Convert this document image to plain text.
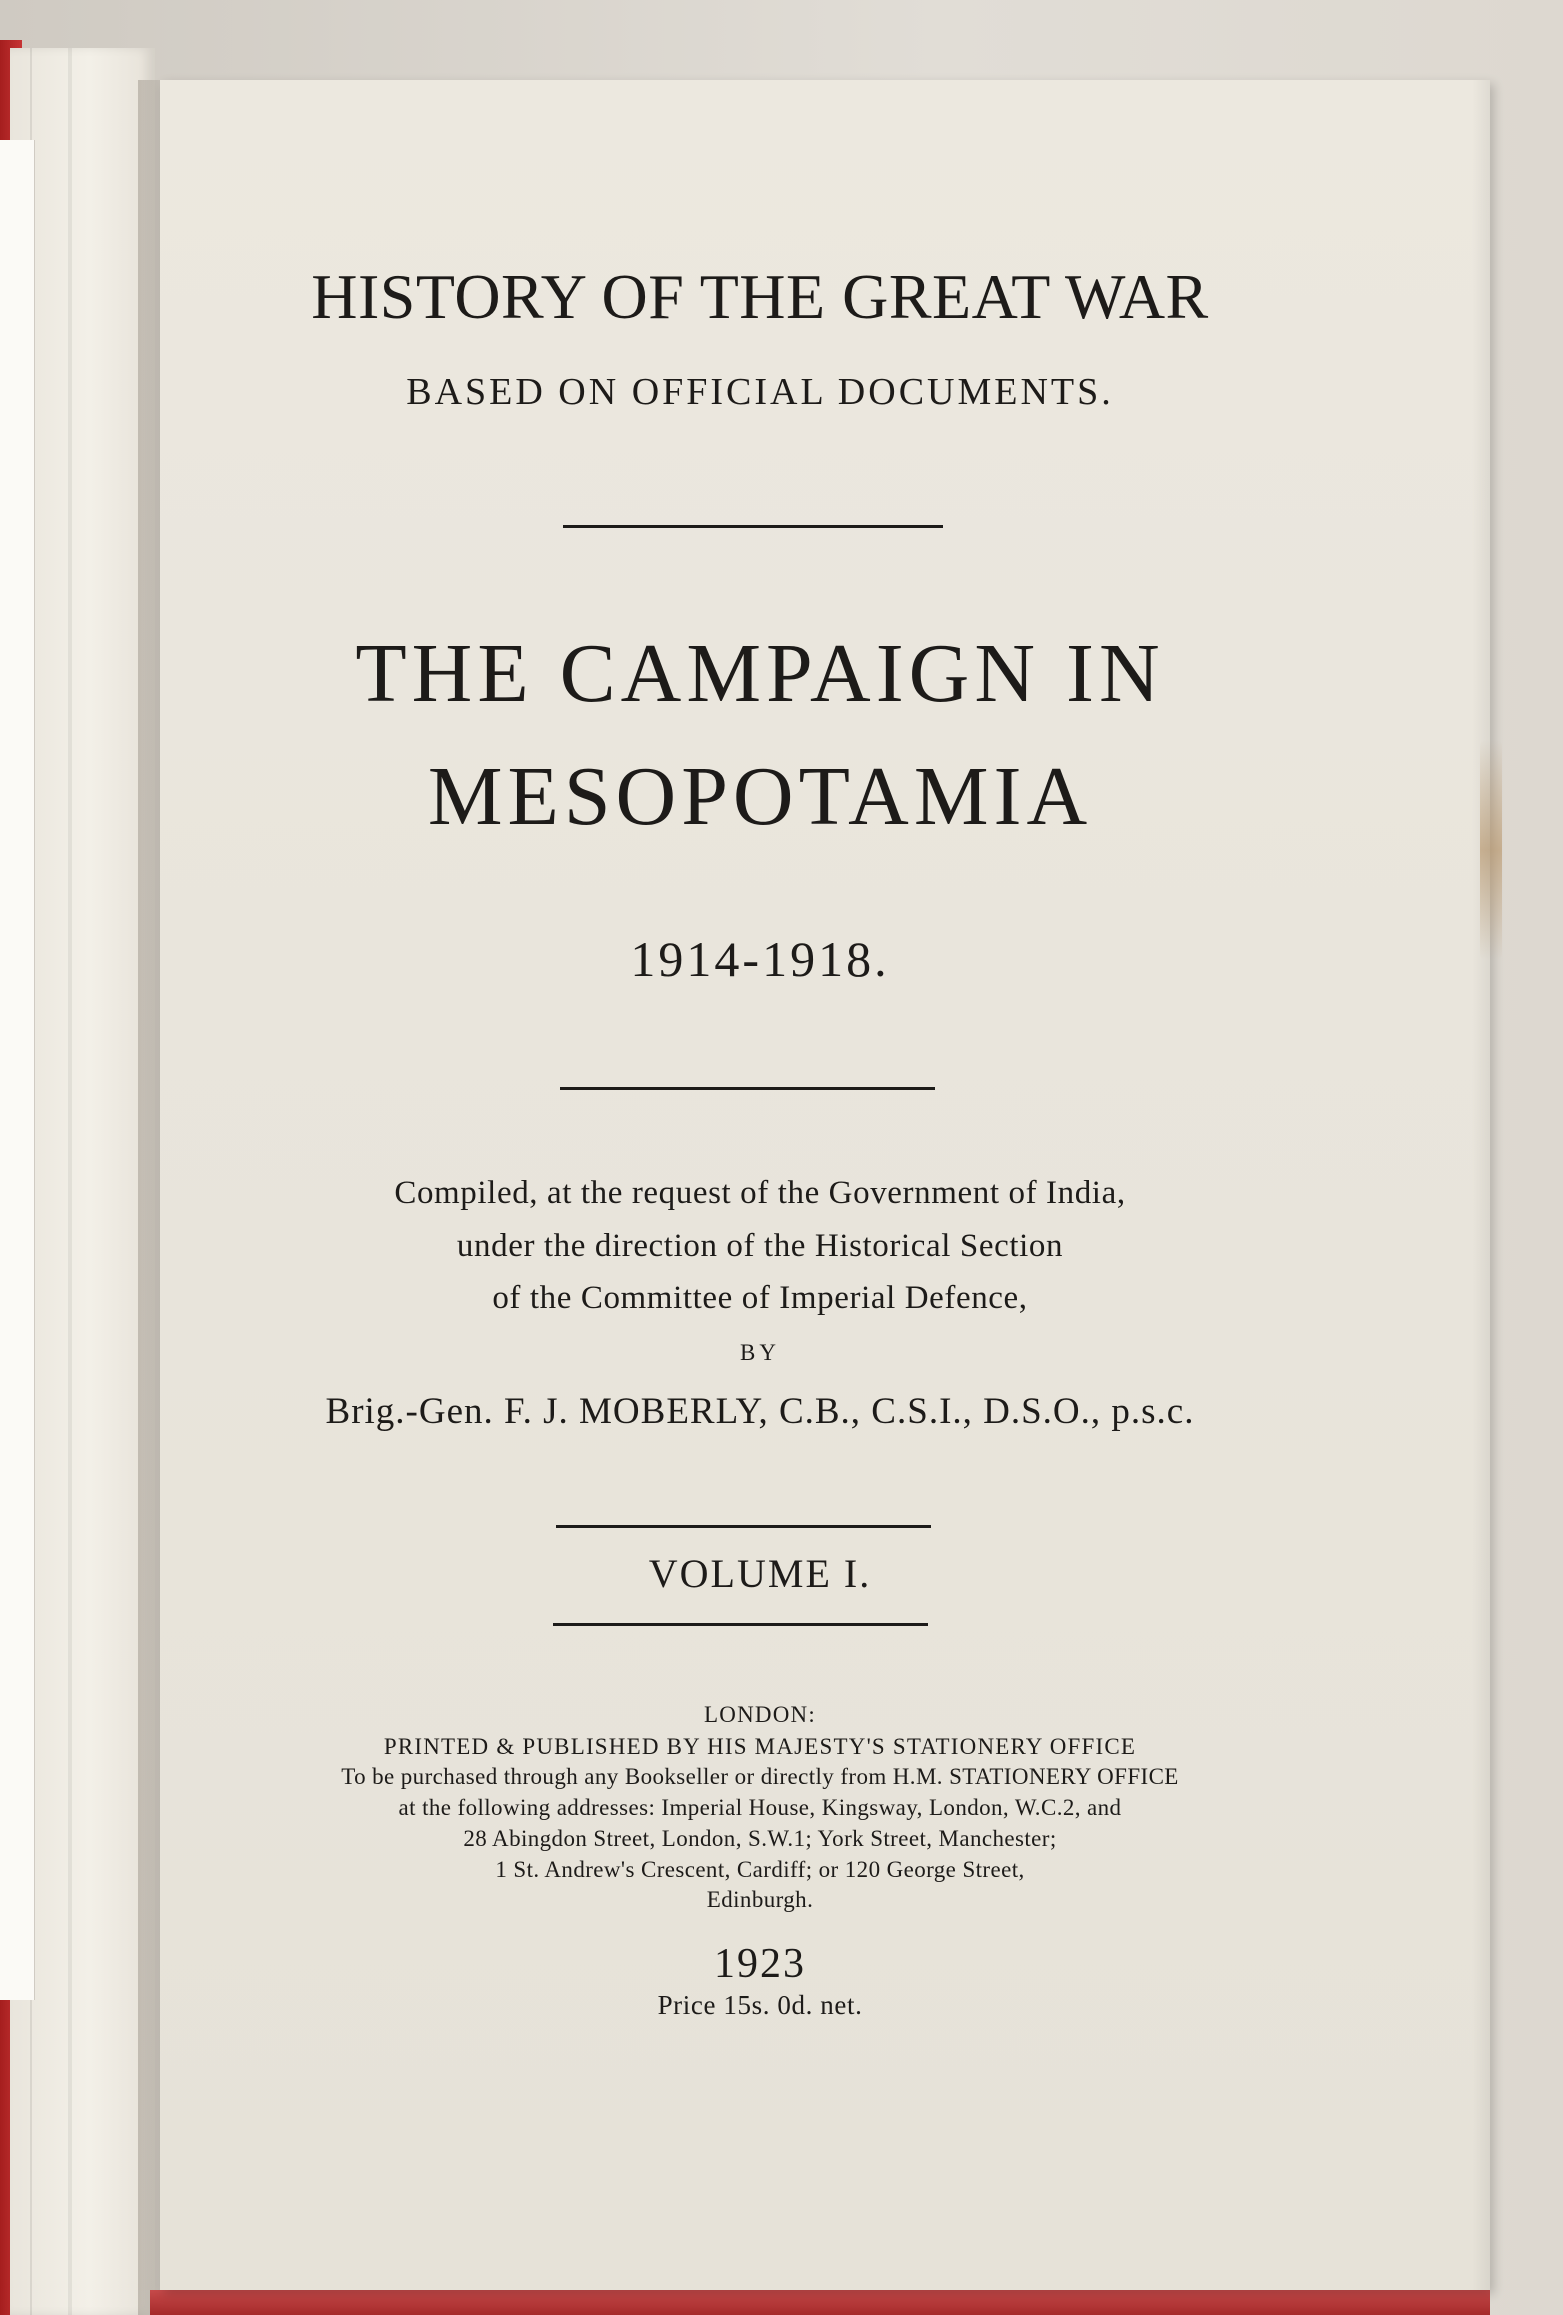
HISTORY OF THE GREAT WAR
BASED ON OFFICIAL DOCUMENTS.
THE CAMPAIGN IN
MESOPOTAMIA
1914-1918.
Compiled, at the request of the Government of India,
under the direction of the Historical Section
of the Committee of Imperial Defence,
BY
Brig.-Gen. F. J. MOBERLY, C.B., C.S.I., D.S.O., p.s.c.
VOLUME I.
LONDON:
PRINTED & PUBLISHED BY HIS MAJESTY'S STATIONERY OFFICE
To be purchased through any Bookseller or directly from H.M. STATIONERY OFFICE
at the following addresses: Imperial House, Kingsway, London, W.C.2, and
28 Abingdon Street, London, S.W.1; York Street, Manchester;
1 St. Andrew's Crescent, Cardiff; or 120 George Street,
Edinburgh.
1923
Price 15s. 0d. net.
